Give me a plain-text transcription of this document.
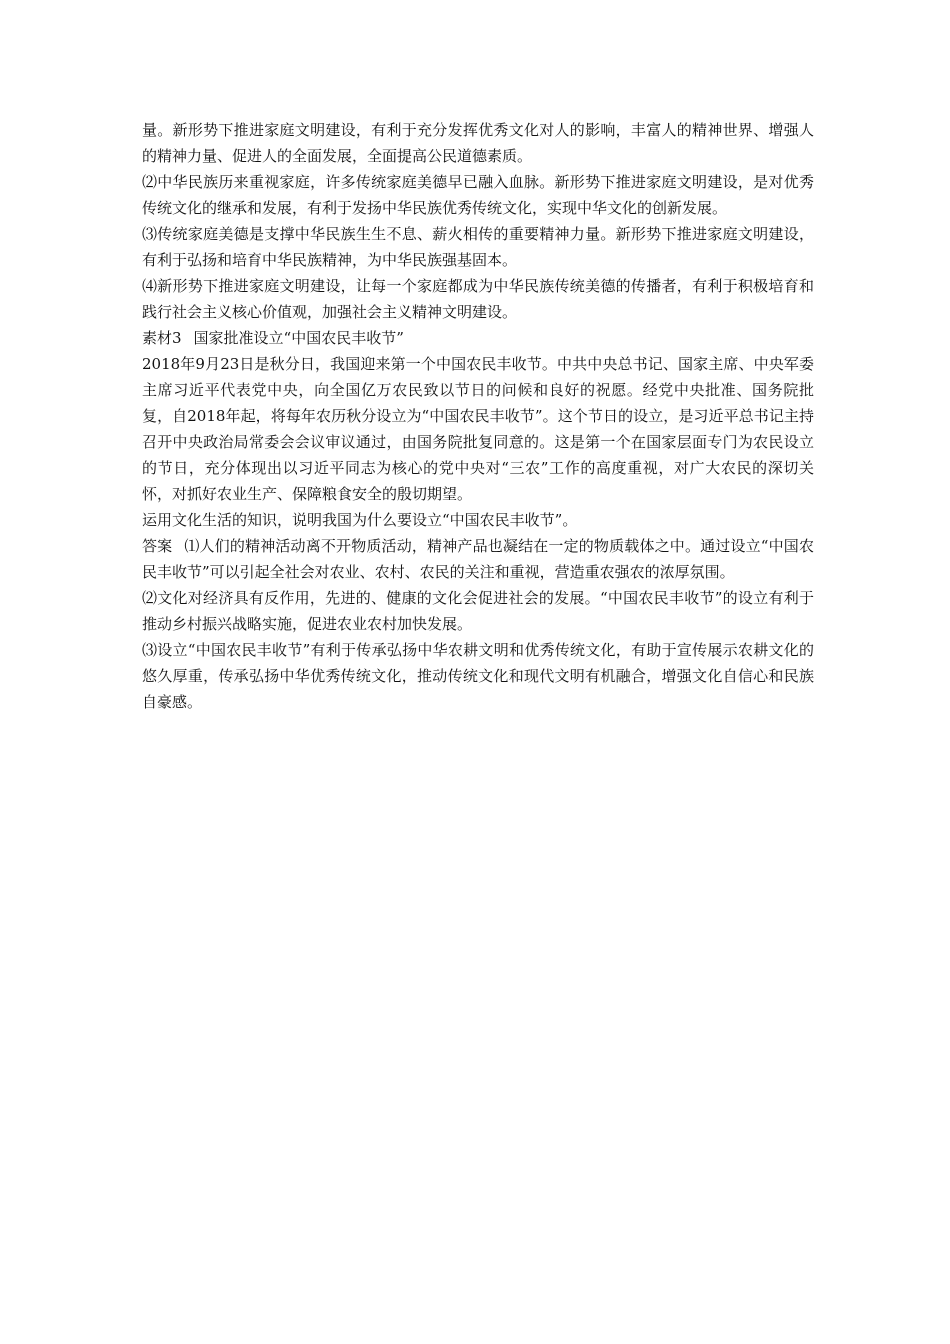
量。新形势下推进家庭文明建设，有利于充分发挥优秀文化对人的影响，丰富人的精神世界、增强人的精神力量、促进人的全面发展，全面提高公民道德素质。

⑵中华民族历来重视家庭，许多传统家庭美德早已融入血脉。新形势下推进家庭文明建设，是对优秀传统文化的继承和发展，有利于发扬中华民族优秀传统文化，实现中华文化的创新发展。

⑶传统家庭美德是支撑中华民族生生不息、薪火相传的重要精神力量。新形势下推进家庭文明建设，有利于弘扬和培育中华民族精神，为中华民族强基固本。

⑷新形势下推进家庭文明建设，让每一个家庭都成为中华民族传统美德的传播者，有利于积极培育和践行社会主义核心价值观，加强社会主义精神文明建设。

素材3 国家批准设立“中国农民丰收节”

2018年9月23日是秋分日，我国迎来第一个中国农民丰收节。中共中央总书记、国家主席、中央军委主席习近平代表党中央，向全国亿万农民致以节日的问候和良好的祝愿。经党中央批准、国务院批复，自2018年起，将每年农历秋分设立为“中国农民丰收节”。这个节日的设立，是习近平总书记主持召开中央政治局常委会会议审议通过，由国务院批复同意的。这是第一个在国家层面专门为农民设立的节日，充分体现出以习近平同志为核心的党中央对“三农”工作的高度重视，对广大农民的深切关怀，对抓好农业生产、保障粮食安全的殷切期望。

运用文化生活的知识，说明我国为什么要设立“中国农民丰收节”。

答案 ⑴人们的精神活动离不开物质活动，精神产品也凝结在一定的物质载体之中。通过设立“中国农民丰收节”可以引起全社会对农业、农村、农民的关注和重视，营造重农强农的浓厚氛围。

⑵文化对经济具有反作用，先进的、健康的文化会促进社会的发展。“中国农民丰收节”的设立有利于推动乡村振兴战略实施，促进农业农村加快发展。

⑶设立“中国农民丰收节”有利于传承弘扬中华农耕文明和优秀传统文化，有助于宣传展示农耕文化的悠久厚重，传承弘扬中华优秀传统文化，推动传统文化和现代文明有机融合，增强文化自信心和民族自豪感。
